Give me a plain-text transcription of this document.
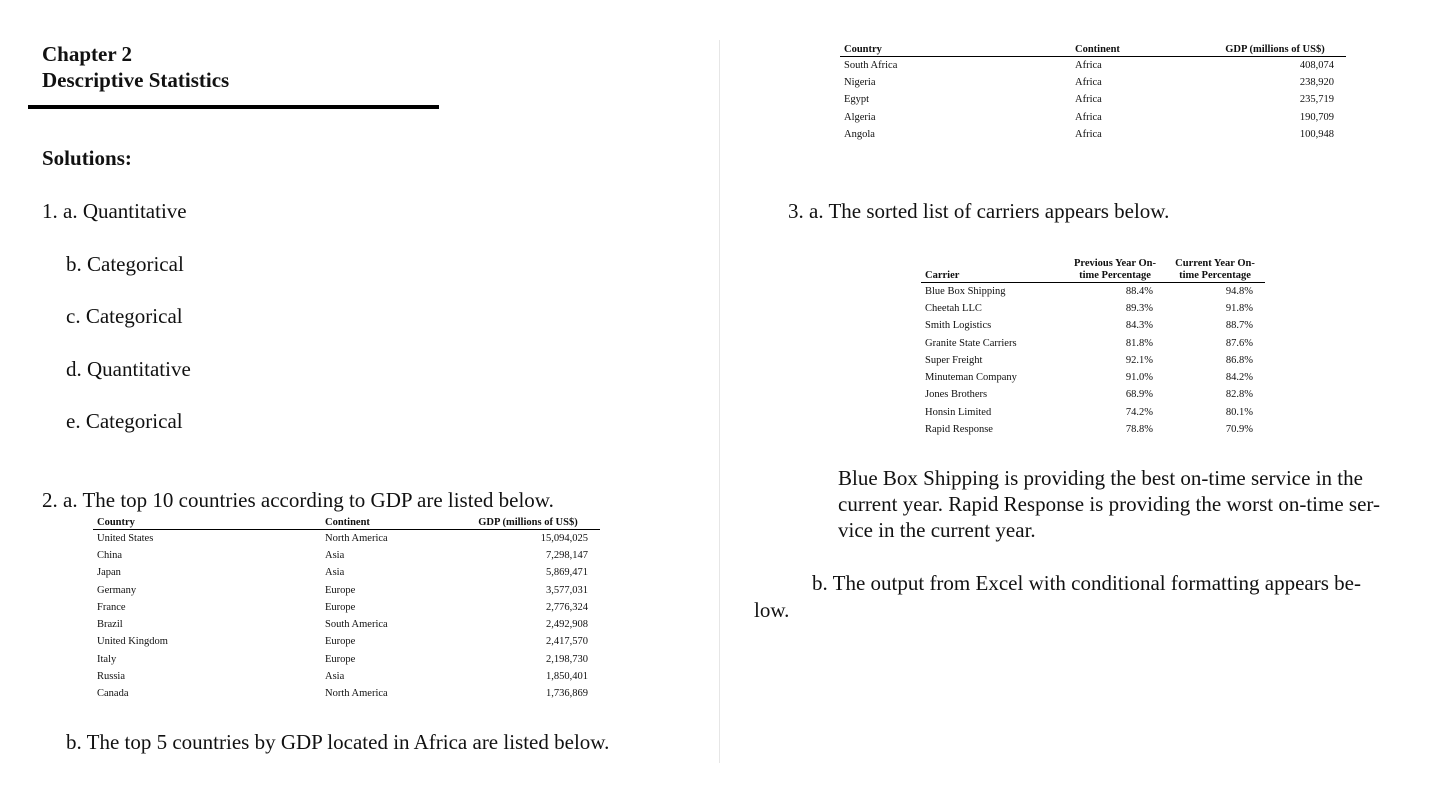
Chapter 2
Descriptive Statistics
Solutions:
1. a. Quantitative
b. Categorical
c. Categorical
d. Quantitative
e. Categorical
2. a. The top 10 countries according to GDP are listed below.
Country	Continent	GDP (millions of US$)
United States	North America	15,094,025
China	Asia	7,298,147
Japan	Asia	5,869,471
Germany	Europe	3,577,031
France	Europe	2,776,324
Brazil	South America	2,492,908
United Kingdom	Europe	2,417,570
Italy	Europe	2,198,730
Russia	Asia	1,850,401
Canada	North America	1,736,869
b. The top 5 countries by GDP located in Africa are listed below.
Country	Continent	GDP (millions of US$)
South Africa	Africa	408,074
Nigeria	Africa	238,920
Egypt	Africa	235,719
Algeria	Africa	190,709
Angola	Africa	100,948
3. a. The sorted list of carriers appears below.
Carrier	Previous Year On-time Percentage	Current Year On-time Percentage
Blue Box Shipping	88.4%	94.8%
Cheetah LLC	89.3%	91.8%
Smith Logistics	84.3%	88.7%
Granite State Carriers	81.8%	87.6%
Super Freight	92.1%	86.8%
Minuteman Company	91.0%	84.2%
Jones Brothers	68.9%	82.8%
Honsin Limited	74.2%	80.1%
Rapid Response	78.8%	70.9%
Blue Box Shipping is providing the best on-time service in the
current year. Rapid Response is providing the worst on-time ser-
vice in the current year.
b. The output from Excel with conditional formatting appears be-
low.
